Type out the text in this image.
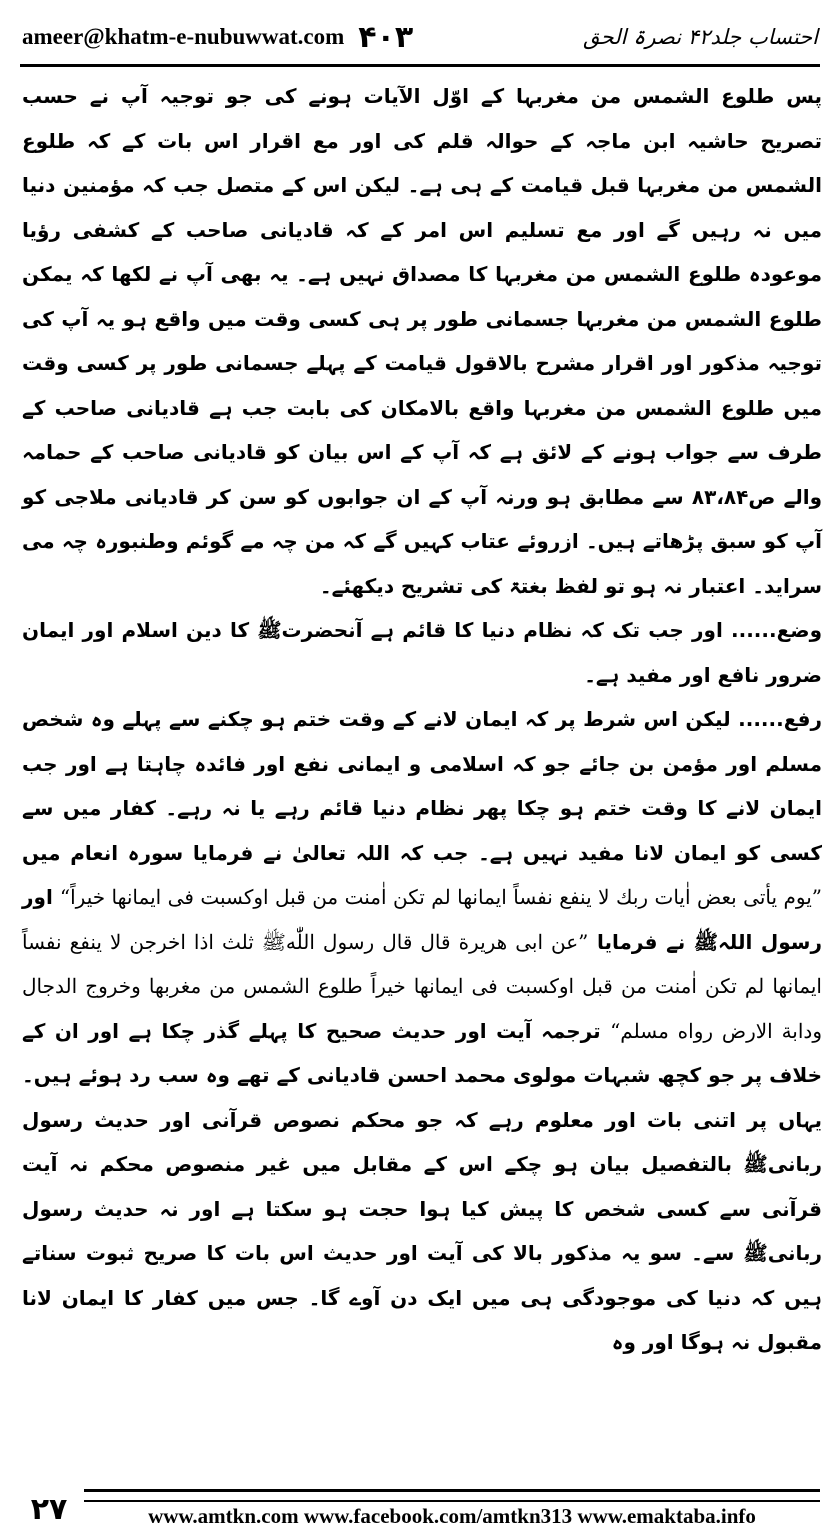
ameer@khatm-e-nubuwwat.com ۴۰۳	احتساب جلد۴۲ نصرۃ الحق

پس طلوع الشمس من مغربہا کے اوّل الآیات ہونے کی جو توجیہ آپ نے حسب تصریح حاشیہ ابن ماجہ کے حوالہ قلم کی اور مع اقرار اس بات کے کہ طلوع الشمس من مغربہا قبل قیامت کے ہی ہے۔ لیکن اس کے متصل جب کہ مؤمنین دنیا میں نہ رہیں گے اور مع تسلیم اس امر کے کہ قادیانی صاحب کے کشفی رؤیا موعودہ طلوع الشمس من مغربہا کا مصداق نہیں ہے۔ یہ بھی آپ نے لکھا کہ یمکن طلوع الشمس من مغربہا جسمانی طور پر ہی کسی وقت میں واقع ہو یہ آپ کی توجیہ مذکور اور اقرار مشرح بالاقول قیامت کے پہلے جسمانی طور پر کسی وقت میں طلوع الشمس من مغربہا واقع بالامکان کی بابت جب ہے قادیانی صاحب کے طرف سے جواب ہونے کے لائق ہے کہ آپ کے اس بیان کو قادیانی صاحب کے حمامہ والے ص۸۳،۸۴ سے مطابق ہو ورنہ آپ کے ان جوابوں کو سن کر قادیانی ملاجی کو آپ کو سبق پڑھاتے ہیں۔ ازروئے عتاب کہیں گے کہ من چہ مے گوئم وطنبورہ چہ می سراید۔ اعتبار نہ ہو تو لفظ بغتۃ کی تشریح دیکھئے۔

وضع...... اور جب تک کہ نظام دنیا کا قائم ہے آنحضرتﷺ کا دین اسلام اور ایمان ضرور نافع اور مفید ہے۔

رفع...... لیکن اس شرط پر کہ ایمان لانے کے وقت ختم ہو چکنے سے پہلے وہ شخص مسلم اور مؤمن بن جائے جو کہ اسلامی و ایمانی نفع اور فائدہ چاہتا ہے اور جب ایمان لانے کا وقت ختم ہو چکا پھر نظام دنیا قائم رہے یا نہ رہے۔ کفار میں سے کسی کو ایمان لانا مفید نہیں ہے۔ جب کہ اللہ تعالیٰ نے فرمایا سورہ انعام میں ”یوم یأتی بعض اٰیات ربك لا ینفع نفساً ایمانها لم تكن اٰمنت من قبل اوكسبت فی ایمانها خیراً“ اور رسول اللہﷺ نے فرمایا ”عن ابی هریرة قال قال رسول اللّٰهﷺ ثلث اذا اخرجن لا ینفع نفساً ایمانها لم تكن اٰمنت من قبل اوكسبت فی ایمانها خیراً طلوع الشمس من مغربها وخروج الدجال ودابة الارض رواه مسلم“ ترجمہ آیت اور حدیث صحیح کا پہلے گذر چکا ہے اور ان کے خلاف پر جو کچھ شبہات مولوی محمد احسن قادیانی کے تھے وہ سب رد ہوئے ہیں۔ یہاں پر اتنی بات اور معلوم رہے کہ جو محکم نصوص قرآنی اور حدیث رسول ربانیﷺ بالتفصیل بیان ہو چکے اس کے مقابل میں غیر منصوص محکم نہ آیت قرآنی سے کسی شخص کا پیش کیا ہوا حجت ہو سکتا ہے اور نہ حدیث رسول ربانیﷺ سے۔ سو یہ مذکور بالا کی آیت اور حدیث اس بات کا صریح ثبوت سناتے ہیں کہ دنیا کی موجودگی ہی میں ایک دن آوے گا۔ جس میں کفار کا ایمان لانا مقبول نہ ہوگا اور وہ

۲۷	www.amtkn.com www.facebook.com/amtkn313 www.emaktaba.info
